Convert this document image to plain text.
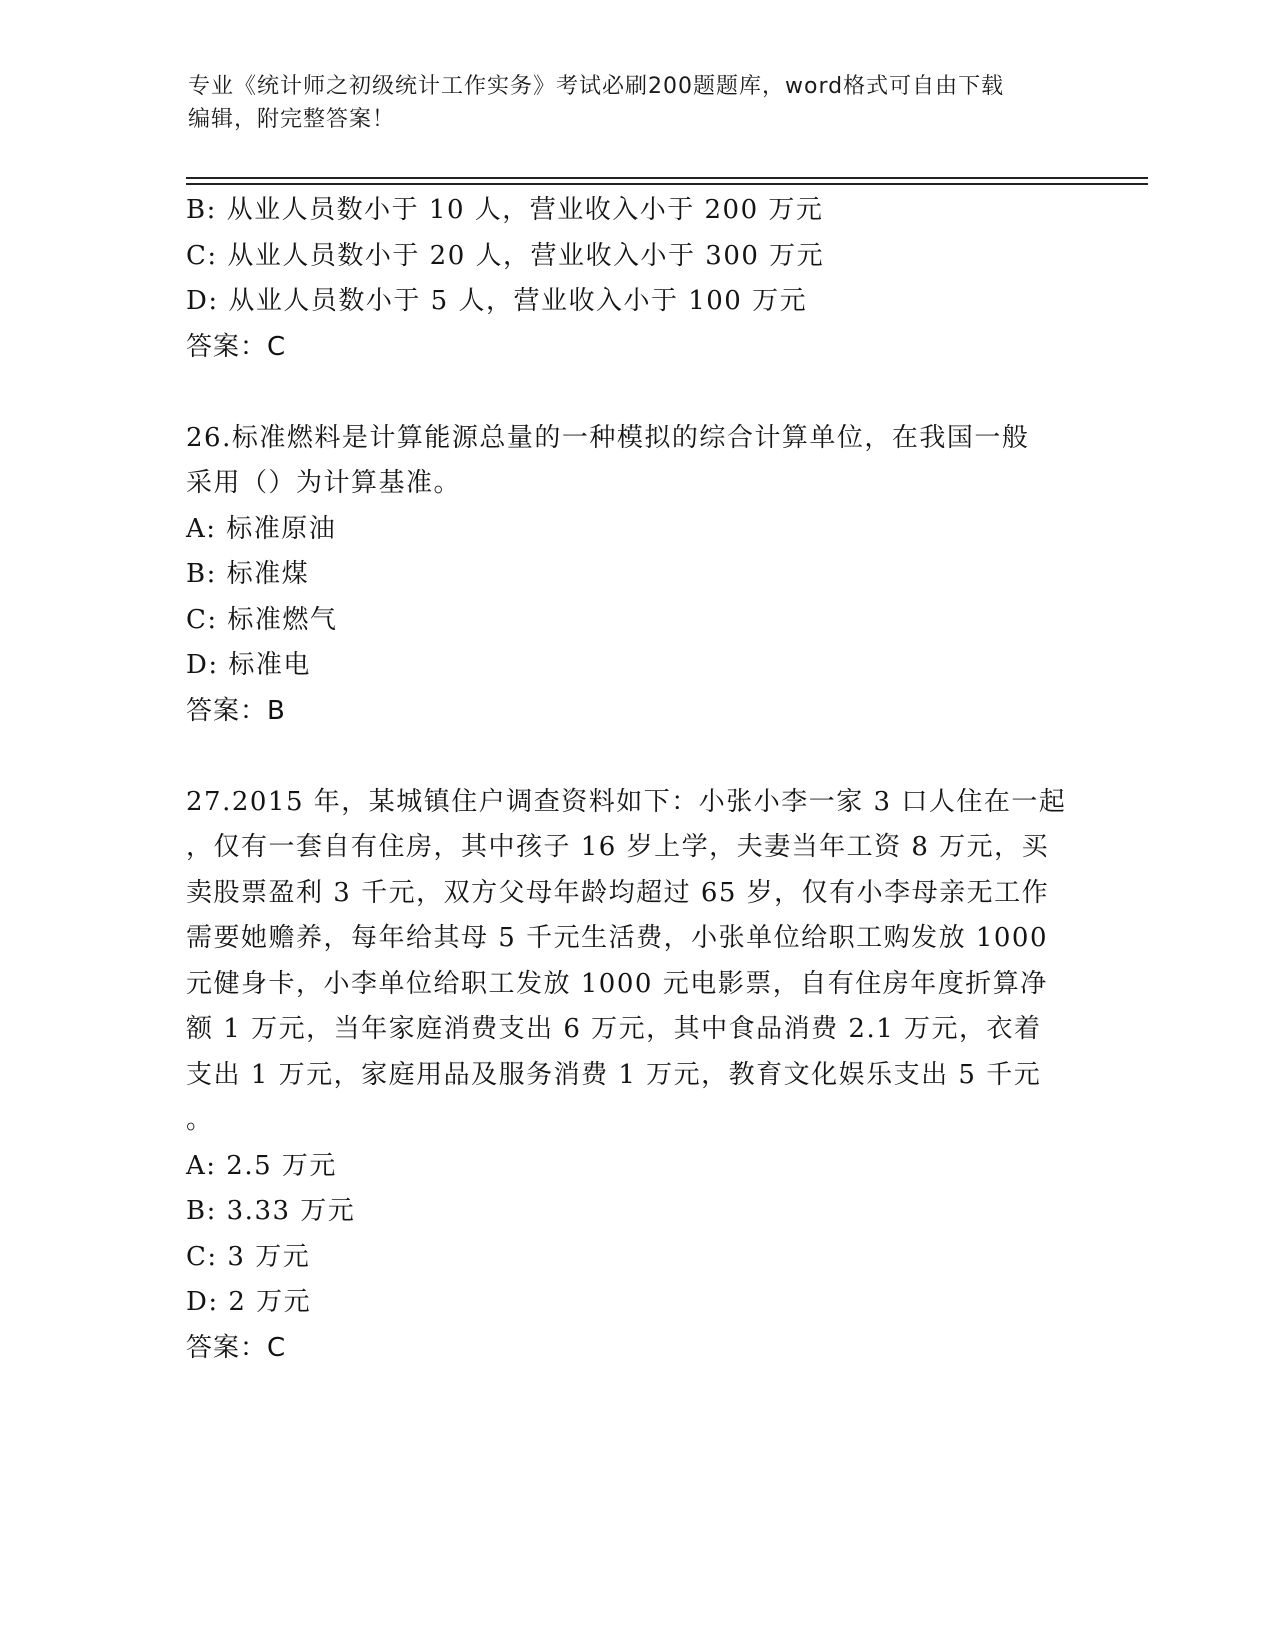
专业《统计师之初级统计工作实务》考试必刷200题题库，word格式可自由下载

编辑，附完整答案！

B: 从业人员数小于 10 人，营业收入小于 200 万元
C: 从业人员数小于 20 人，营业收入小于 300 万元
D: 从业人员数小于 5 人，营业收入小于 100 万元
答案：C
26.标准燃料是计算能源总量的一种模拟的综合计算单位，在我国一般
采用（）为计算基准。
A: 标准原油
B: 标准煤
C: 标准燃气
D: 标准电
答案：B
27.2015 年，某城镇住户调查资料如下：小张小李一家 3 口人住在一起
，仅有一套自有住房，其中孩子 16 岁上学，夫妻当年工资 8 万元，买
卖股票盈利 3 千元，双方父母年龄均超过 65 岁，仅有小李母亲无工作
需要她赡养，每年给其母 5 千元生活费，小张单位给职工购发放 1000
元健身卡，小李单位给职工发放 1000 元电影票，自有住房年度折算净
额 1 万元，当年家庭消费支出 6 万元，其中食品消费 2.1 万元，衣着
支出 1 万元，家庭用品及服务消费 1 万元，教育文化娱乐支出 5 千元
。
A: 2.5 万元
B: 3.33 万元
C: 3 万元
D: 2 万元
答案：C
